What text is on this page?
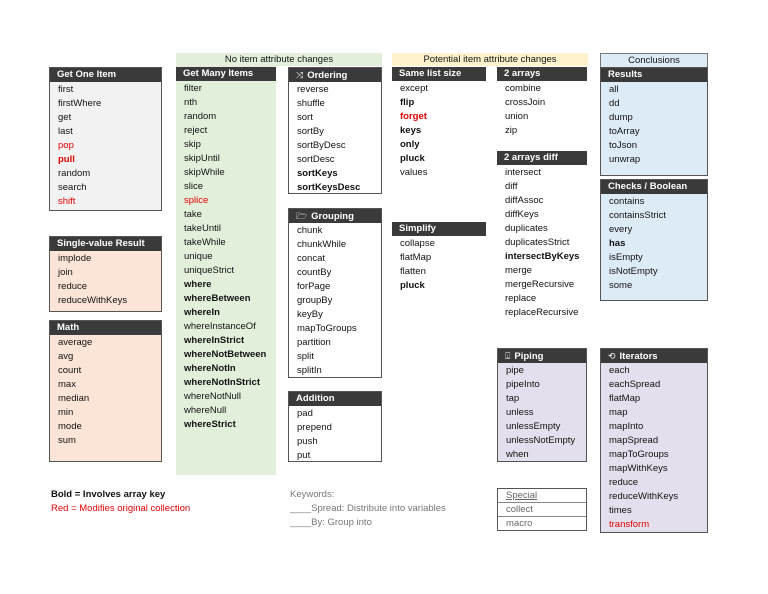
No item attribute changes	Potential item attribute changes	Conclusions
Get One Item
first
firstWhere
get
last
pop
pull
random
search
shift
Single-value Result
implode
join
reduce
reduceWithKeys
Math
average
avg
count
max
median
min
mode
sum
Get Many Items
filter
nth
random
reject
skip
skipUntil
skipWhile
slice
splice
take
takeUntil
takeWhile
unique
uniqueStrict
where
whereBetween
whereIn
whereInstanceOf
whereInStrict
whereNotBetween
whereNotIn
whereNotInStrict
whereNotNull
whereNull
whereStrict
⤨ Ordering
reverse
shuffle
sort
sortBy
sortByDesc
sortDesc
sortKeys
sortKeysDesc
🗁 Grouping
chunk
chunkWhile
concat
countBy
forPage
groupBy
keyBy
mapToGroups
partition
split
splitIn
Addition
pad
prepend
push
put
Same list size
except
flip
forget
keys
only
pluck
values
Simplify
collapse
flatMap
flatten
pluck
2 arrays
combine
crossJoin
union
zip
2 arrays diff
intersect
diff
diffAssoc
diffKeys
duplicates
duplicatesStrict
intersectByKeys
merge
mergeRecursive
replace
replaceRecursive
⍗ Piping
pipe
pipeInto
tap
unless
unlessEmpty
unlessNotEmpty
when
Results
all
dd
dump
toArray
toJson
unwrap
Checks / Boolean
contains
containsStrict
every
has
isEmpty
isNotEmpty
some
⟲ Iterators
each
eachSpread
flatMap
map
mapInto
mapSpread
mapToGroups
mapWithKeys
reduce
reduceWithKeys
times
transform
Bold = Involves array key
Red = Modifies original collection
Keywords:
____Spread: Distribute into variables
____By: Group into
Special
collect
macro
